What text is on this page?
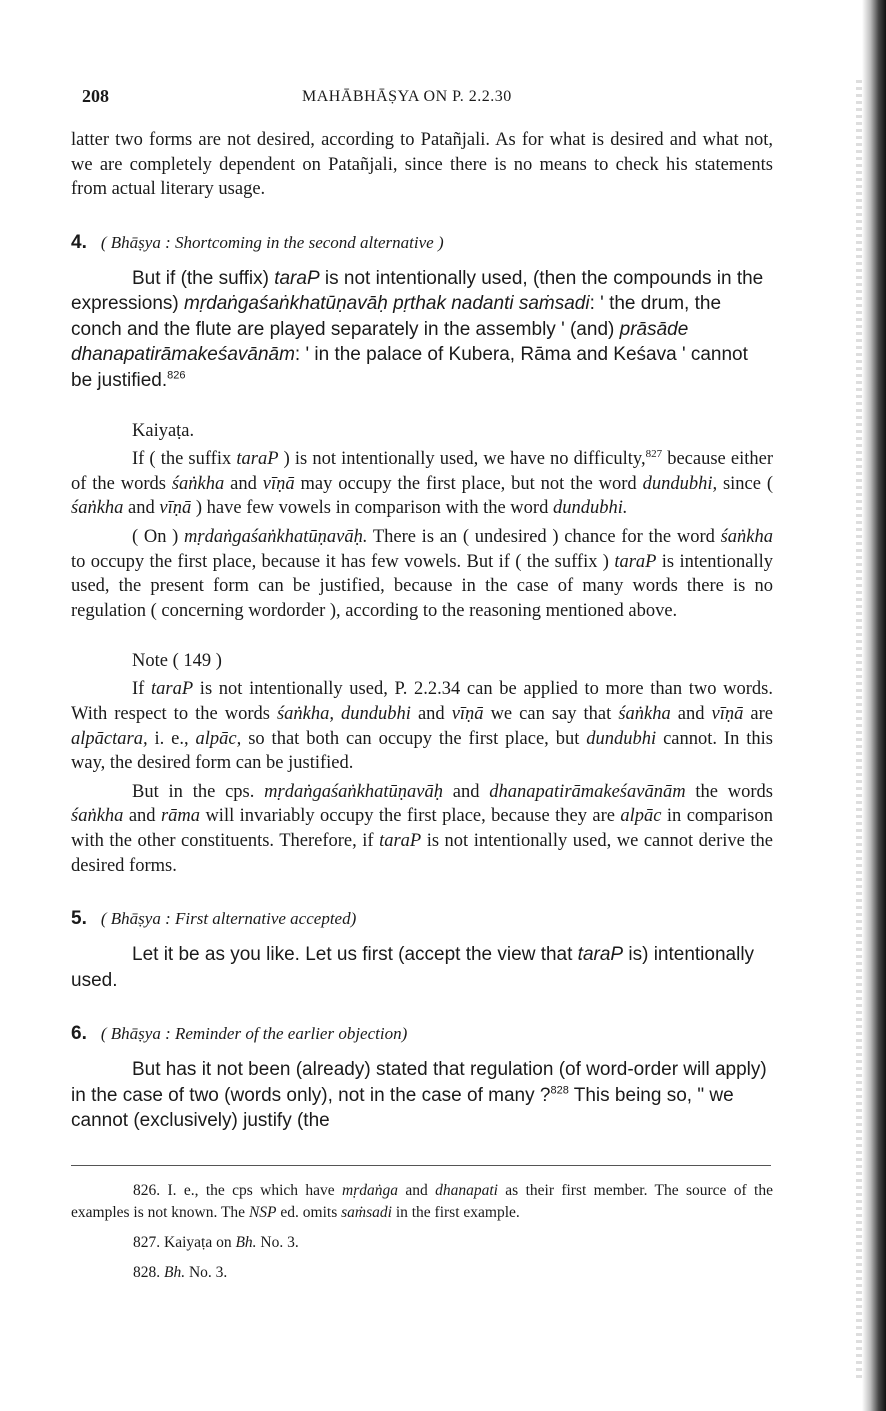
208	MAHĀBHĀṢYA ON P. 2.2.30

latter two forms are not desired, according to Patañjali. As for what is desired and what not, we are completely dependent on Patañjali, since there is no means to check his statements from actual literary usage.

4. ( Bhāṣya : Shortcoming in the second alternative )

But if (the suffix) taraP is not intentionally used, (then the compounds in the expressions) mṛdaṅgaśaṅkhatūṇavāḥ pṛthak nadanti saṁsadi: ' the drum, the conch and the flute are played separately in the assembly ' (and) prāsāde dhanapatirāmakeśavānām: ' in the palace of Kubera, Rāma and Keśava ' cannot be justified.$^{826}$

Kaiyaṭa.

If ( the suffix taraP ) is not intentionally used, we have no difficulty,$^{827}$ because either of the words śaṅkha and vīṇā may occupy the first place, but not the word dundubhi, since ( śaṅkha and vīṇā ) have few vowels in comparison with the word dundubhi.

( On ) mṛdaṅgaśaṅkhatūṇavāḥ. There is an ( undesired ) chance for the word śaṅkha to occupy the first place, because it has few vowels. But if ( the suffix ) taraP is intentionally used, the present form can be justified, because in the case of many words there is no regulation ( concerning wordorder ), according to the reasoning mentioned above.

Note ( 149 )

If taraP is not intentionally used, P. 2.2.34 can be applied to more than two words. With respect to the words śaṅkha, dundubhi and vīṇā we can say that śaṅkha and vīṇā are alpāctara, i. e., alpāc, so that both can occupy the first place, but dundubhi cannot. In this way, the desired form can be justified.

But in the cps. mṛdaṅgaśaṅkhatūṇavāḥ and dhanapatirāmakeśavānām the words śaṅkha and rāma will invariably occupy the first place, because they are alpāc in comparison with the other constituents. Therefore, if taraP is not intentionally used, we cannot derive the desired forms.

5. ( Bhāṣya : First alternative accepted)

Let it be as you like. Let us first (accept the view that taraP is) intentionally used.

6. ( Bhāṣya : Reminder of the earlier objection)

But has it not been (already) stated that regulation (of word-order will apply) in the case of two (words only), not in the case of many ?$^{828}$ This being so, " we cannot (exclusively) justify (the

826. I. e., the cps which have mṛdaṅga and dhanapati as their first member. The source of the examples is not known. The NSP ed. omits saṁsadi in the first example.

827. Kaiyaṭa on Bh. No. 3.

828. Bh. No. 3.
